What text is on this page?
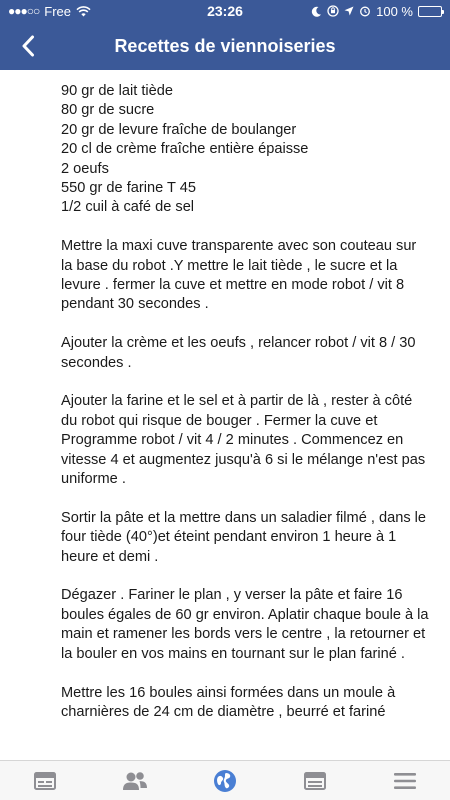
●●●○○ Free	23:26	100 %
Recettes de viennoiseries
90 gr de lait tiède
80 gr de sucre
20 gr de levure fraîche de boulanger
20 cl de crème fraîche entière épaisse
2 oeufs
550 gr de farine T 45
1/2 cuil à café de sel

Mettre la maxi cuve transparente avec son couteau sur la base du robot .Y mettre le lait tiède , le sucre et la levure . fermer la cuve et mettre en mode robot / vit 8 pendant 30 secondes .

Ajouter la crème et les oeufs , relancer robot / vit 8 / 30 secondes .

Ajouter la farine et le sel et à partir de là , rester à côté du robot qui risque de bouger . Fermer la cuve et Programme robot / vit 4 / 2 minutes . Commencez en vitesse 4 et augmentez jusqu'à 6 si le mélange n'est pas uniforme .

Sortir la pâte et la mettre dans un saladier filmé , dans le four tiède (40°)et éteint pendant environ 1 heure à 1 heure et demi .

Dégazer . Fariner le plan , y verser la pâte et faire 16 boules égales de 60 gr environ. Aplatir chaque boule à la main et ramener les bords vers le centre , la retourner et la bouler en vos mains en tournant sur le plan fariné .

Mettre les 16 boules ainsi formées dans un moule à charnières de 24 cm de diamètre , beurré et fariné
